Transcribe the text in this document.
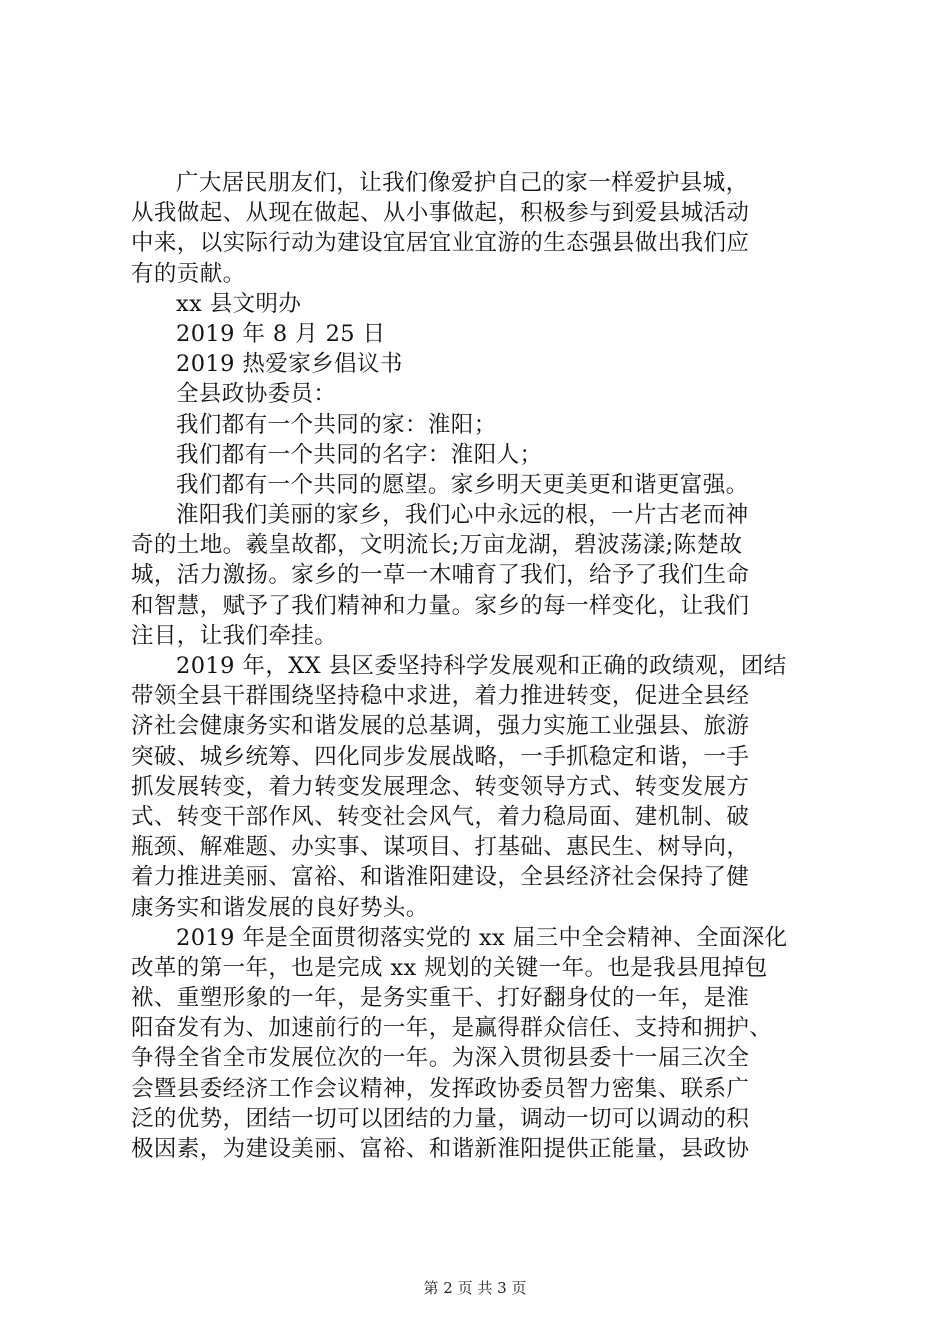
广大居民朋友们，让我们像爱护自己的家一样爱护县城，
从我做起、从现在做起、从小事做起，积极参与到爱县城活动
中来，以实际行动为建设宜居宜业宜游的生态强县做出我们应
有的贡献。
xx 县文明办
2019 年 8 月 25 日
2019 热爱家乡倡议书
全县政协委员：
我们都有一个共同的家：淮阳；
我们都有一个共同的名字：淮阳人；
我们都有一个共同的愿望。家乡明天更美更和谐更富强。
淮阳我们美丽的家乡，我们心中永远的根，一片古老而神
奇的土地。羲皇故都，文明流长;万亩龙湖，碧波荡漾;陈楚故
城，活力激扬。家乡的一草一木哺育了我们，给予了我们生命
和智慧，赋予了我们精神和力量。家乡的每一样变化，让我们
注目，让我们牵挂。
2019 年，XX 县区委坚持科学发展观和正确的政绩观，团结
带领全县干群围绕坚持稳中求进，着力推进转变，促进全县经
济社会健康务实和谐发展的总基调，强力实施工业强县、旅游
突破、城乡统筹、四化同步发展战略，一手抓稳定和谐，一手
抓发展转变，着力转变发展理念、转变领导方式、转变发展方
式、转变干部作风、转变社会风气，着力稳局面、建机制、破
瓶颈、解难题、办实事、谋项目、打基础、惠民生、树导向，
着力推进美丽、富裕、和谐淮阳建设，全县经济社会保持了健
康务实和谐发展的良好势头。
2019 年是全面贯彻落实党的 xx 届三中全会精神、全面深化
改革的第一年，也是完成 xx 规划的关键一年。也是我县甩掉包
袱、重塑形象的一年，是务实重干、打好翻身仗的一年，是淮
阳奋发有为、加速前行的一年，是赢得群众信任、支持和拥护、
争得全省全市发展位次的一年。为深入贯彻县委十一届三次全
会暨县委经济工作会议精神，发挥政协委员智力密集、联系广
泛的优势，团结一切可以团结的力量，调动一切可以调动的积
极因素，为建设美丽、富裕、和谐新淮阳提供正能量，县政协
第 2 页 共 3 页
